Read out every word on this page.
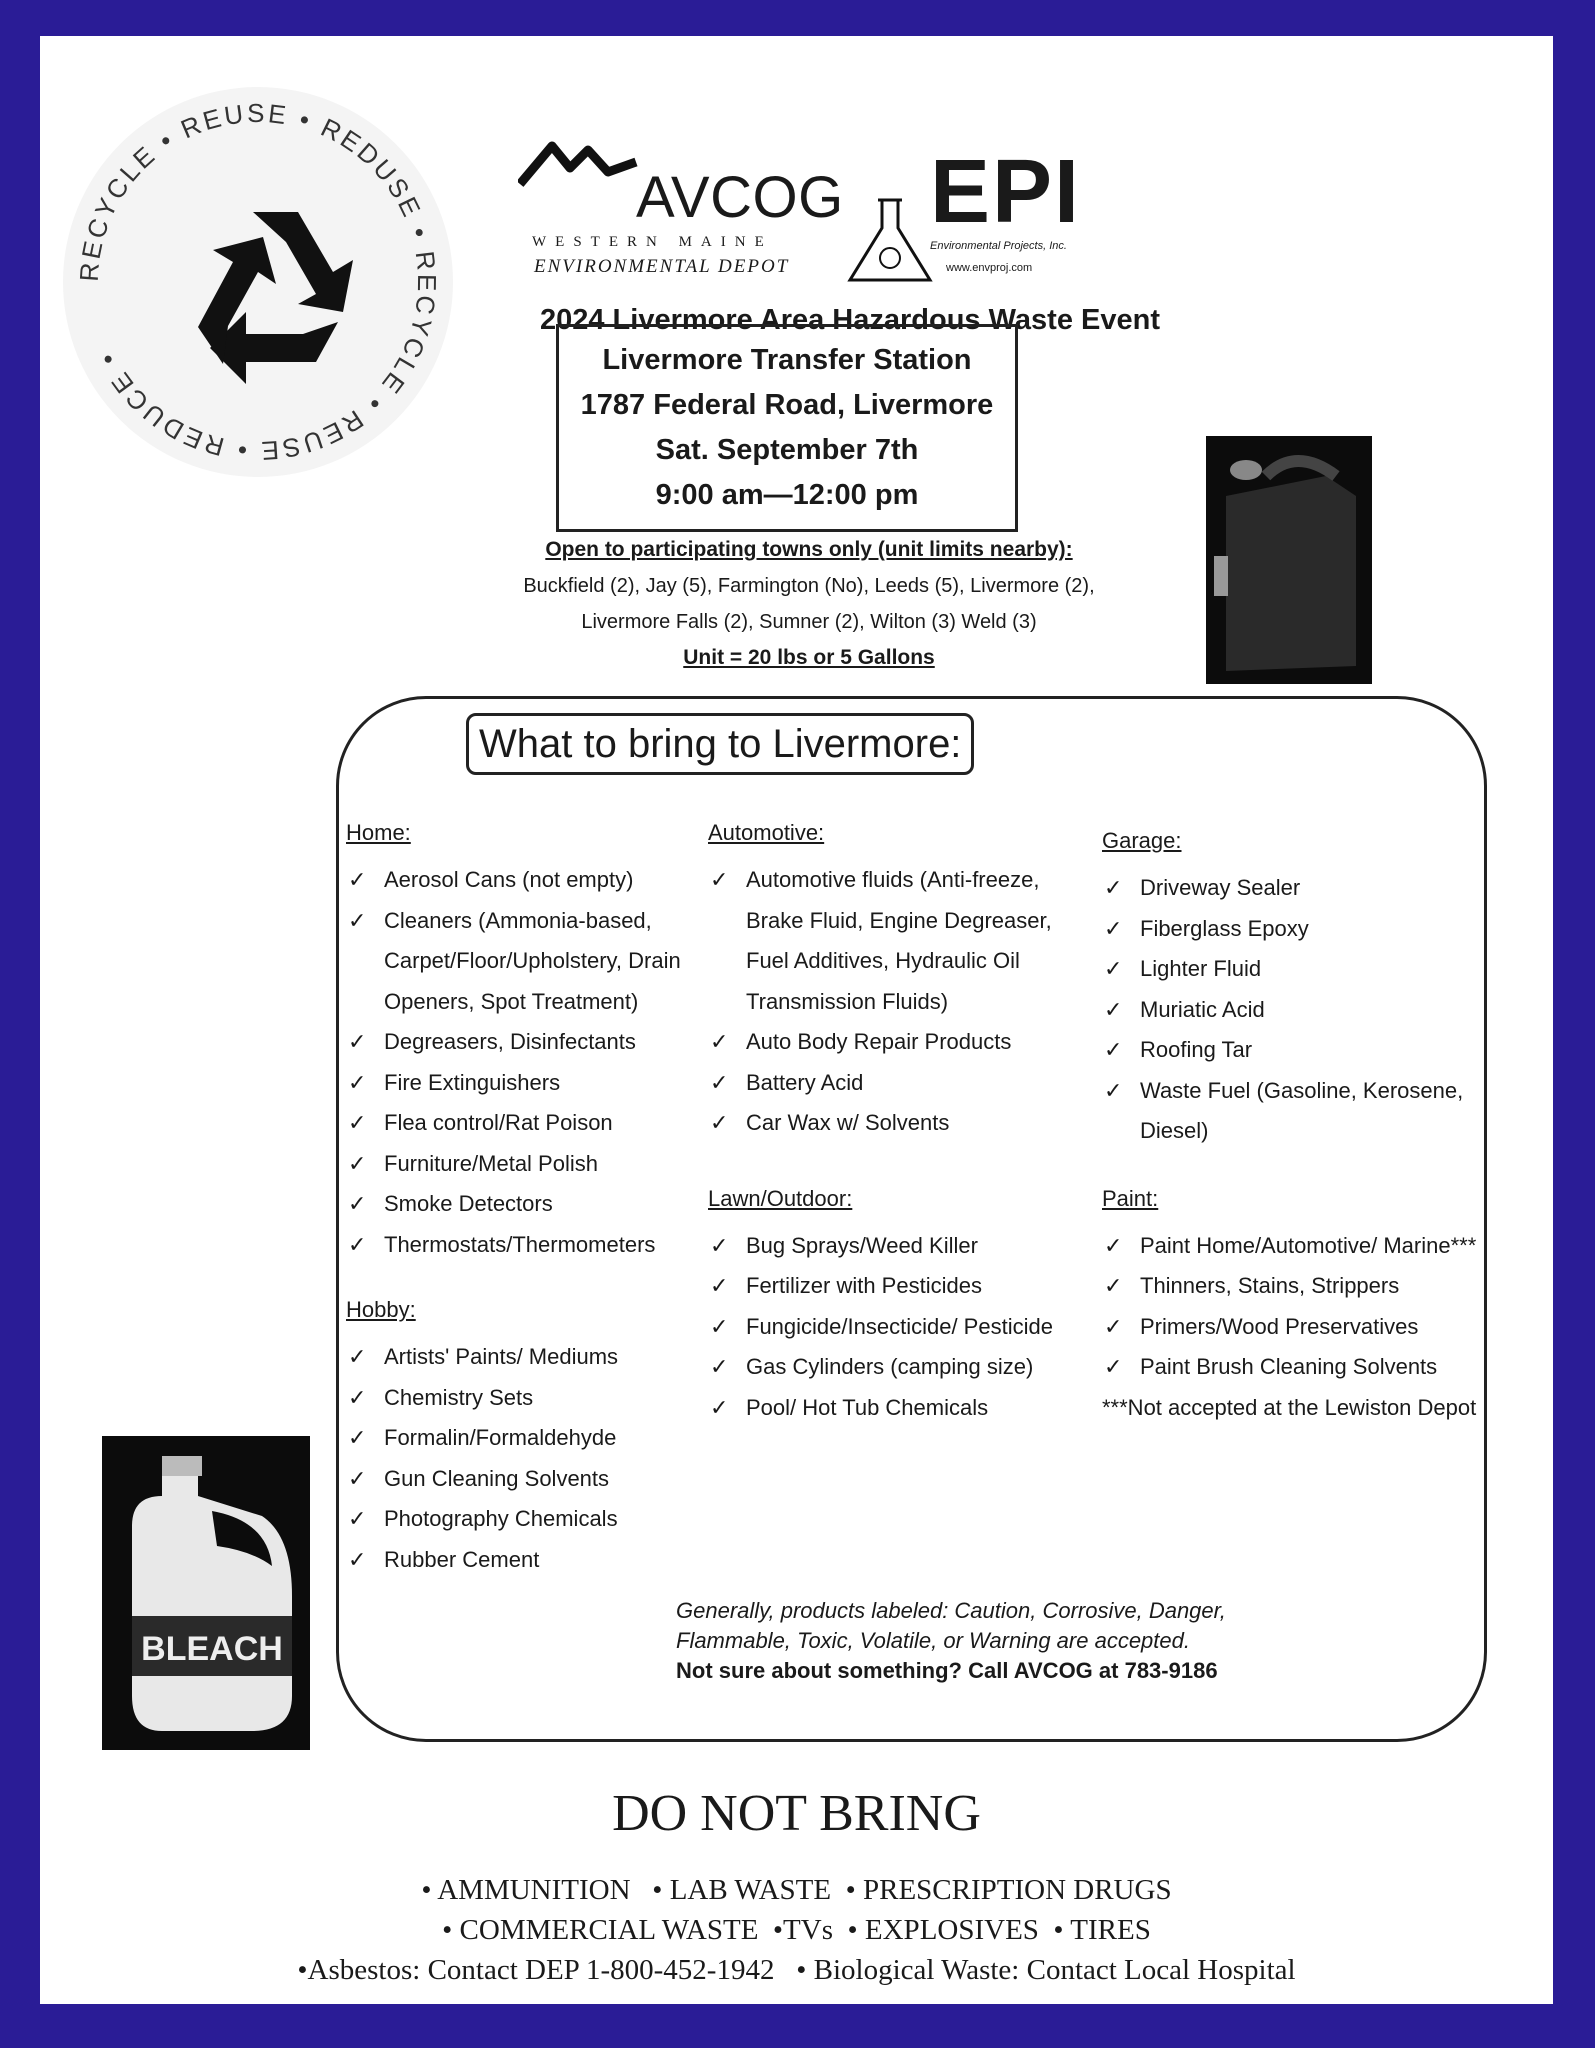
RECYCLE • REUSE • REDUSE • RECYCLE • REUSE • REDUCE •
AVCOG
WESTERN MAINE
ENVIRONMENTAL DEPOT
EPI
Environmental Projects, Inc.
www.envproj.com
2024 Livermore Area Hazardous Waste Event
Livermore Transfer Station
1787 Federal Road, Livermore
Sat. September 7th
9:00 am—12:00 pm
Open to participating towns only (unit limits nearby):
Buckfield (2), Jay (5), Farmington (No), Leeds (5), Livermore (2),
Livermore Falls (2), Sumner (2), Wilton (3) Weld (3)
Unit = 20 lbs or 5 Gallons
What to bring to Livermore:
Home:
✓ Aerosol Cans (not empty)
✓ Cleaners (Ammonia-based, Carpet/Floor/Upholstery, Drain Openers, Spot Treatment)
✓ Degreasers, Disinfectants
✓ Fire Extinguishers
✓ Flea control/Rat Poison
✓ Furniture/Metal Polish
✓ Smoke Detectors
✓ Thermostats/Thermometers
Hobby:
✓ Artists' Paints/ Mediums
✓ Chemistry Sets
✓ Formalin/Formaldehyde
✓ Gun Cleaning Solvents
✓ Photography Chemicals
✓ Rubber Cement
Automotive:
✓ Automotive fluids (Anti-freeze, Brake Fluid, Engine Degreaser, Fuel Additives, Hydraulic Oil Transmission Fluids)
✓ Auto Body Repair Products
✓ Battery Acid
✓ Car Wax w/ Solvents
Lawn/Outdoor:
✓ Bug Sprays/Weed Killer
✓ Fertilizer with Pesticides
✓ Fungicide/Insecticide/ Pesticide
✓ Gas Cylinders (camping size)
✓ Pool/ Hot Tub Chemicals
Garage:
✓ Driveway Sealer
✓ Fiberglass Epoxy
✓ Lighter Fluid
✓ Muriatic Acid
✓ Roofing Tar
✓ Waste Fuel (Gasoline, Kerosene, Diesel)
Paint:
✓ Paint Home/Automotive/ Marine***
✓ Thinners, Stains, Strippers
✓ Primers/Wood Preservatives
✓ Paint Brush Cleaning Solvents
***Not accepted at the Lewiston Depot
Generally, products labeled: Caution, Corrosive, Danger, Flammable, Toxic, Volatile, or Warning are accepted.
Not sure about something? Call AVCOG at 783-9186
BLEACH
DO NOT BRING
• AMMUNITION   • LAB WASTE  • PRESCRIPTION DRUGS
• COMMERCIAL WASTE  •TVs  • EXPLOSIVES  • TIRES
•Asbestos: Contact DEP 1-800-452-1942   • Biological Waste: Contact Local Hospital
